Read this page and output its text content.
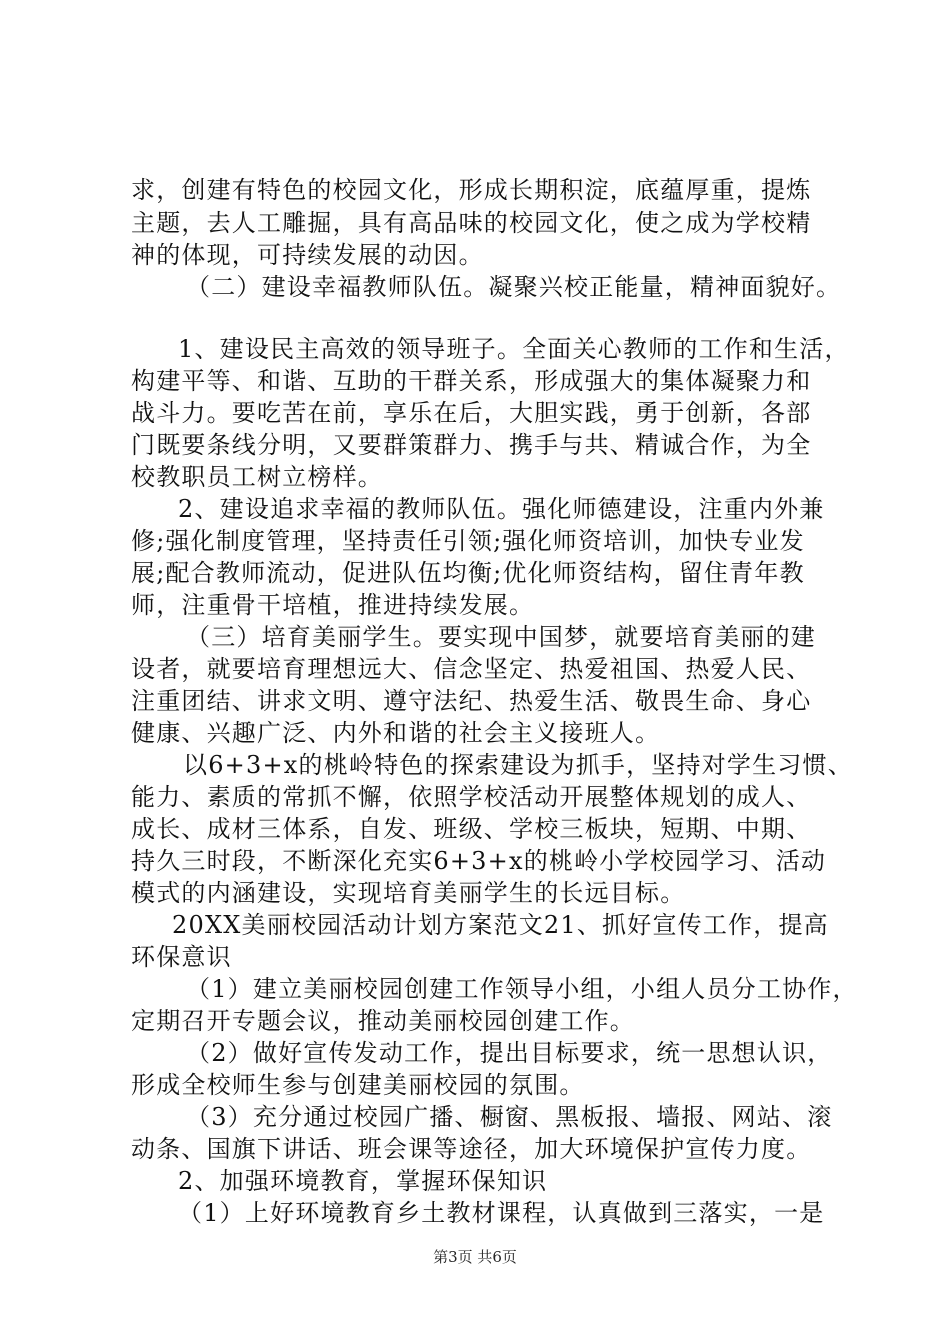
求，创建有特色的校园文化，形成长期积淀，底蕴厚重，提炼
主题，去人工雕掘，具有高品味的校园文化，使之成为学校精
神的体现，可持续发展的动因。
（二）建设幸福教师队伍。凝聚兴校正能量，精神面貌好。
1、建设民主高效的领导班子。全面关心教师的工作和生活，
构建平等、和谐、互助的干群关系，形成强大的集体凝聚力和
战斗力。要吃苦在前，享乐在后，大胆实践，勇于创新，各部
门既要条线分明，又要群策群力、携手与共、精诚合作，为全
校教职员工树立榜样。
2、建设追求幸福的教师队伍。强化师德建设，注重内外兼
修;强化制度管理，坚持责任引领;强化师资培训，加快专业发
展;配合教师流动，促进队伍均衡;优化师资结构，留住青年教
师，注重骨干培植，推进持续发展。
（三）培育美丽学生。要实现中国梦，就要培育美丽的建
设者，就要培育理想远大、信念坚定、热爱祖国、热爱人民、
注重团结、讲求文明、遵守法纪、热爱生活、敬畏生命、身心
健康、兴趣广泛、内外和谐的社会主义接班人。
以6+3+x的桃岭特色的探索建设为抓手，坚持对学生习惯、
能力、素质的常抓不懈，依照学校活动开展整体规划的成人、
成长、成材三体系，自发、班级、学校三板块，短期、中期、
持久三时段，不断深化充实6+3+x的桃岭小学校园学习、活动
模式的内涵建设，实现培育美丽学生的长远目标。
20XX美丽校园活动计划方案范文21、抓好宣传工作，提高
环保意识
（1）建立美丽校园创建工作领导小组，小组人员分工协作，
定期召开专题会议，推动美丽校园创建工作。
（2）做好宣传发动工作，提出目标要求，统一思想认识，
形成全校师生参与创建美丽校园的氛围。
（3）充分通过校园广播、橱窗、黑板报、墙报、网站、滚
动条、国旗下讲话、班会课等途径，加大环境保护宣传力度。
2、加强环境教育，掌握环保知识
（1）上好环境教育乡土教材课程，认真做到三落实，一是
第3页 共6页
